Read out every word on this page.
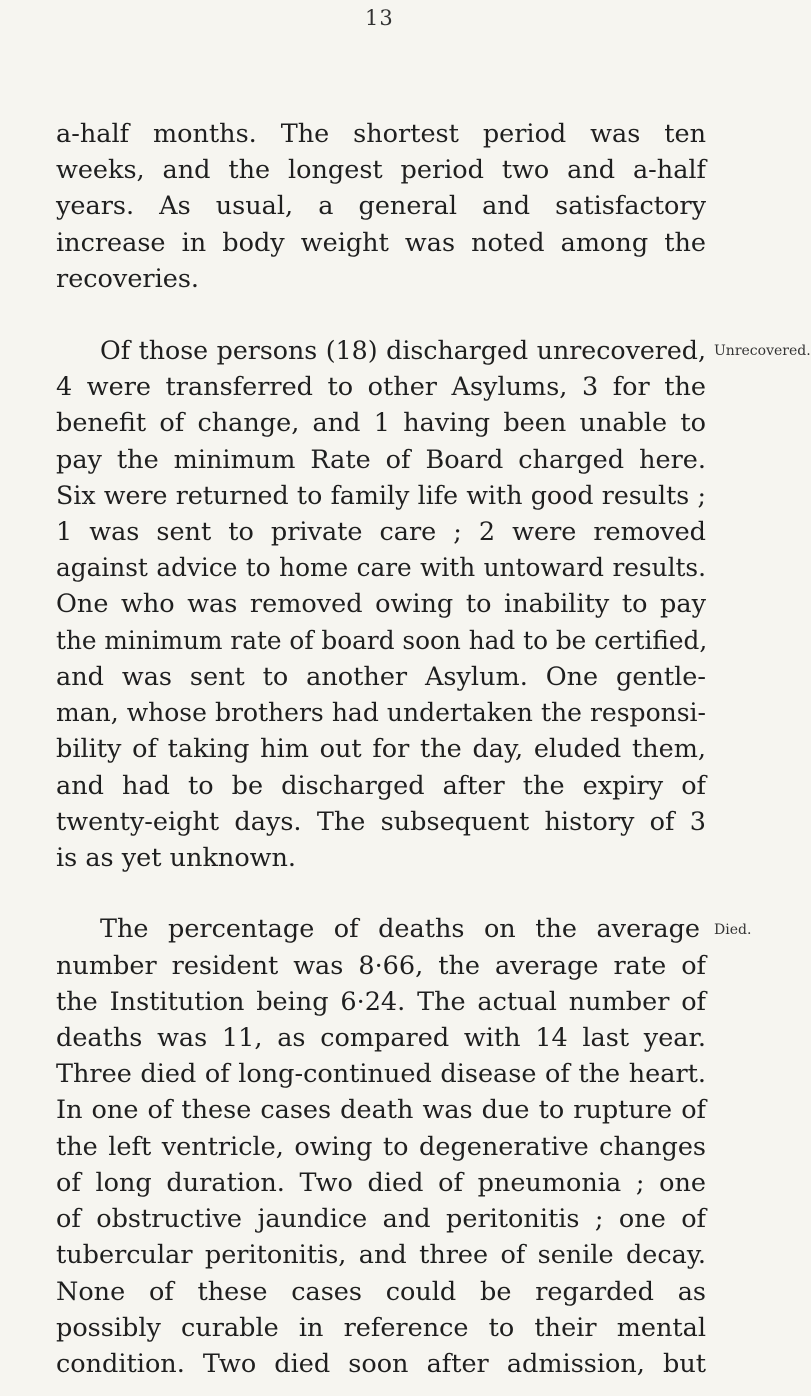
13
a-half months. The shortest period was ten
weeks, and the longest period two and a-half
years. As usual, a general and satisfactory
increase in body weight was noted among the
recoveries.
Unrecovered.
Of those persons (18) discharged unrecovered,
4 were transferred to other Asylums, 3 for the
benefit of change, and 1 having been unable to
pay the minimum Rate of Board charged here.
Six were returned to family life with good results ;
1 was sent to private care ; 2 were removed
against advice to home care with untoward results.
One who was removed owing to inability to pay
the minimum rate of board soon had to be certified,
and was sent to another Asylum. One gentle-
man, whose brothers had undertaken the responsi-
bility of taking him out for the day, eluded them,
and had to be discharged after the expiry of
twenty-eight days. The subsequent history of 3
is as yet unknown.
Died.
The percentage of deaths on the average
number resident was 8·66, the average rate of
the Institution being 6·24. The actual number of
deaths was 11, as compared with 14 last year.
Three died of long-continued disease of the heart.
In one of these cases death was due to rupture of
the left ventricle, owing to degenerative changes
of long duration. Two died of pneumonia ; one
of obstructive jaundice and peritonitis ; one of
tubercular peritonitis, and three of senile decay.
None of these cases could be regarded as
possibly curable in reference to their mental
condition. Two died soon after admission, but
